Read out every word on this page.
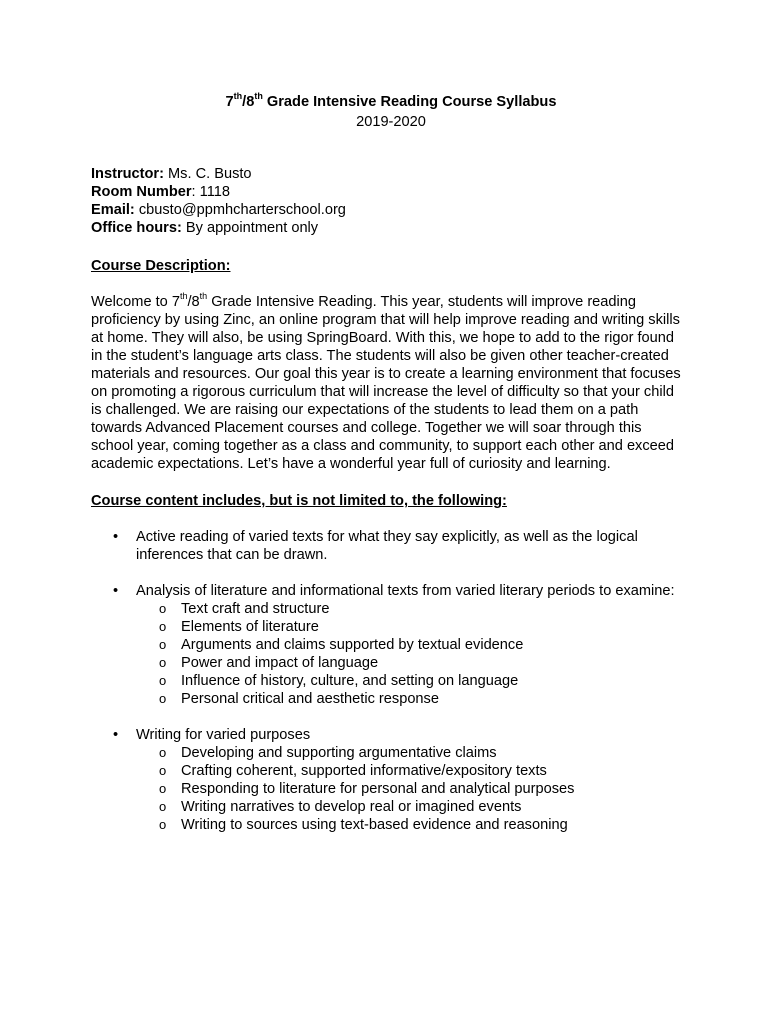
7th/8th Grade Intensive Reading Course Syllabus

2019-2020

Instructor: Ms. C. Busto

Room Number: 1118

Email: cbusto@ppmhcharterschool.org

Office hours: By appointment only

Course Description:

Welcome to 7th/8th Grade Intensive Reading. This year, students will improve reading proficiency by using Zinc, an online program that will help improve reading and writing skills at home. They will also, be using SpringBoard. With this, we hope to add to the rigor found in the student’s language arts class. The students will also be given other teacher-created materials and resources. Our goal this year is to create a learning environment that focuses on promoting a rigorous curriculum that will increase the level of difficulty so that your child is challenged. We are raising our expectations of the students to lead them on a path towards Advanced Placement courses and college. Together we will soar through this school year, coming together as a class and community, to support each other and exceed academic expectations. Let’s have a wonderful year full of curiosity and learning.

Course content includes, but is not limited to, the following:

• Active reading of varied texts for what they say explicitly, as well as the logical inferences that can be drawn.
• Analysis of literature and informational texts from varied literary periods to examine:
o Text craft and structure
o Elements of literature
o Arguments and claims supported by textual evidence
o Power and impact of language
o Influence of history, culture, and setting on language
o Personal critical and aesthetic response
• Writing for varied purposes
o Developing and supporting argumentative claims
o Crafting coherent, supported informative/expository texts
o Responding to literature for personal and analytical purposes
o Writing narratives to develop real or imagined events
o Writing to sources using text-based evidence and reasoning
